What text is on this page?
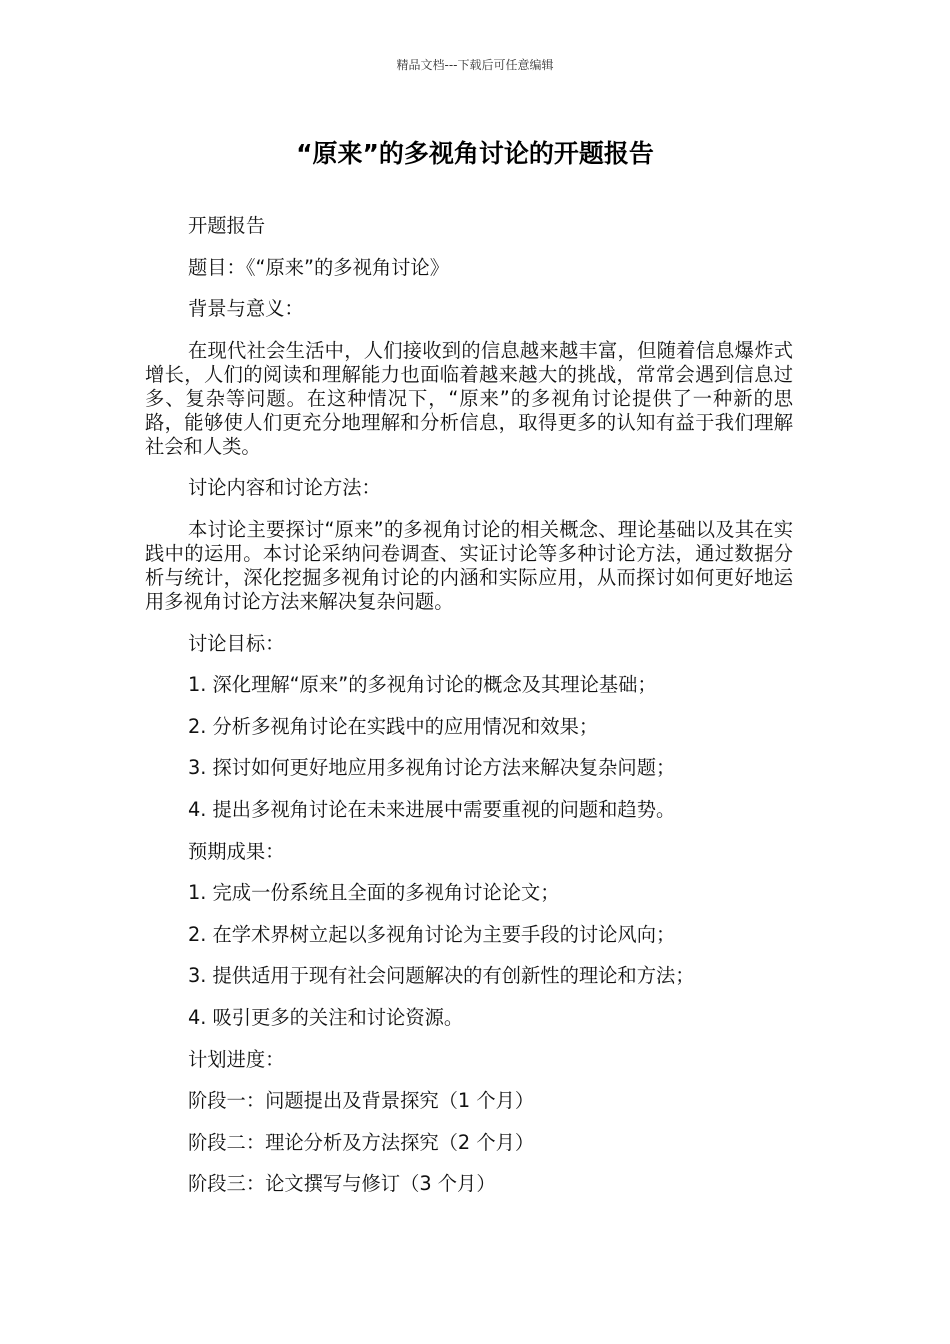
精品文档---下载后可任意编辑
“原来”的多视角讨论的开题报告

开题报告

题目：《“原来”的多视角讨论》

背景与意义：

在现代社会生活中，人们接收到的信息越来越丰富，但随着信息爆炸式增长，人们的阅读和理解能力也面临着越来越大的挑战，常常会遇到信息过多、复杂等问题。在这种情况下，“原来”的多视角讨论提供了一种新的思路，能够使人们更充分地理解和分析信息，取得更多的认知有益于我们理解社会和人类。

讨论内容和讨论方法：

本讨论主要探讨“原来”的多视角讨论的相关概念、理论基础以及其在实践中的运用。本讨论采纳问卷调查、实证讨论等多种讨论方法，通过数据分析与统计，深化挖掘多视角讨论的内涵和实际应用，从而探讨如何更好地运用多视角讨论方法来解决复杂问题。

讨论目标：

1. 深化理解“原来”的多视角讨论的概念及其理论基础；

2. 分析多视角讨论在实践中的应用情况和效果；

3. 探讨如何更好地应用多视角讨论方法来解决复杂问题；

4. 提出多视角讨论在未来进展中需要重视的问题和趋势。

预期成果：

1. 完成一份系统且全面的多视角讨论论文；

2. 在学术界树立起以多视角讨论为主要手段的讨论风向；

3. 提供适用于现有社会问题解决的有创新性的理论和方法；

4. 吸引更多的关注和讨论资源。

计划进度：

阶段一：问题提出及背景探究（1 个月）

阶段二：理论分析及方法探究（2 个月）

阶段三：论文撰写与修订（3 个月）
